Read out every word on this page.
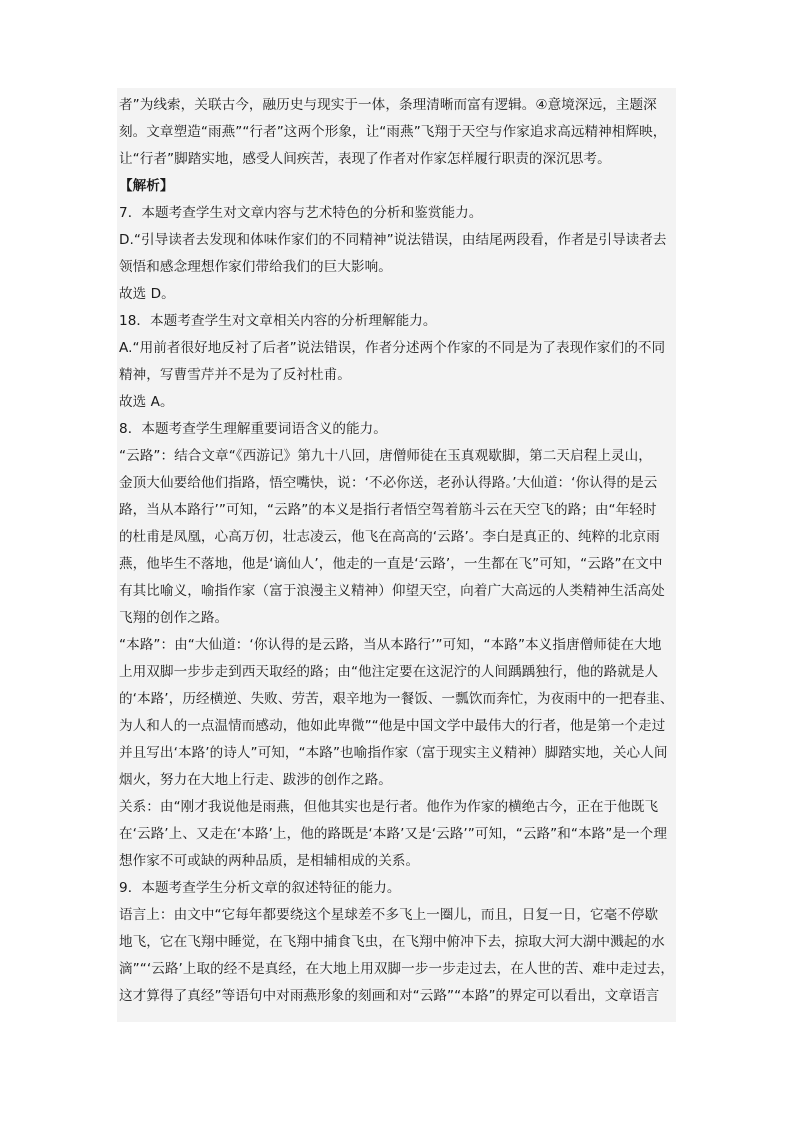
者”为线索，关联古今，融历史与现实于一体，条理清晰而富有逻辑。④意境深远，主题深
刻。文章塑造“雨燕”“行者”这两个形象，让“雨燕”飞翔于天空与作家追求高远精神相辉映，
让“行者”脚踏实地，感受人间疾苦，表现了作者对作家怎样履行职责的深沉思考。
【解析】
7．本题考查学生对文章内容与艺术特色的分析和鉴赏能力。
D.“引导读者去发现和体味作家们的不同精神”说法错误，由结尾两段看，作者是引导读者去
领悟和感念理想作家们带给我们的巨大影响。
故选 D。
18．本题考查学生对文章相关内容的分析理解能力。
A.“用前者很好地反衬了后者”说法错误，作者分述两个作家的不同是为了表现作家们的不同
精神，写曹雪芹并不是为了反衬杜甫。
故选 A。
8．本题考查学生理解重要词语含义的能力。
“云路”：结合文章“《西游记》第九十八回，唐僧师徒在玉真观歇脚，第二天启程上灵山，
金顶大仙要给他们指路，悟空嘴快，说：‘不必你送，老孙认得路。’大仙道：‘你认得的是云
路，当从本路行’”可知，“云路”的本义是指行者悟空驾着筋斗云在天空飞的路；由“年轻时
的杜甫是凤凰，心高万仞，壮志凌云，他飞在高高的‘云路’。李白是真正的、纯粹的北京雨
燕，他毕生不落地，他是‘谪仙人’，他走的一直是‘云路’，一生都在飞”可知，“云路”在文中
有其比喻义，喻指作家（富于浪漫主义精神）仰望天空，向着广大高远的人类精神生活高处
飞翔的创作之路。
“本路”：由“大仙道：‘你认得的是云路，当从本路行’”可知，“本路”本义指唐僧师徒在大地
上用双脚一步步走到西天取经的路；由“他注定要在这泥泞的人间踽踽独行，他的路就是人
的‘本路’，历经横逆、失败、劳苦，艰辛地为一餐饭、一瓢饮而奔忙，为夜雨中的一把春韭、
为人和人的一点温情而感动，他如此卑微”“他是中国文学中最伟大的行者，他是第一个走过
并且写出‘本路’的诗人”可知，“本路”也喻指作家（富于现实主义精神）脚踏实地，关心人间
烟火，努力在大地上行走、跋涉的创作之路。
关系：由“刚才我说他是雨燕，但他其实也是行者。他作为作家的横绝古今，正在于他既飞
在‘云路’上、又走在‘本路’上，他的路既是‘本路’又是‘云路’”可知，“云路”和“本路”是一个理
想作家不可或缺的两种品质，是相辅相成的关系。
9．本题考查学生分析文章的叙述特征的能力。
语言上：由文中“它每年都要绕这个星球差不多飞上一圈儿，而且，日复一日，它毫不停歇
地飞，它在飞翔中睡觉，在飞翔中捕食飞虫，在飞翔中俯冲下去，掠取大河大湖中溅起的水
滴”“‘云路’上取的经不是真经，在大地上用双脚一步一步走过去，在人世的苦、难中走过去，
这才算得了真经”等语句中对雨燕形象的刻画和对“云路”“本路”的界定可以看出，文章语言
